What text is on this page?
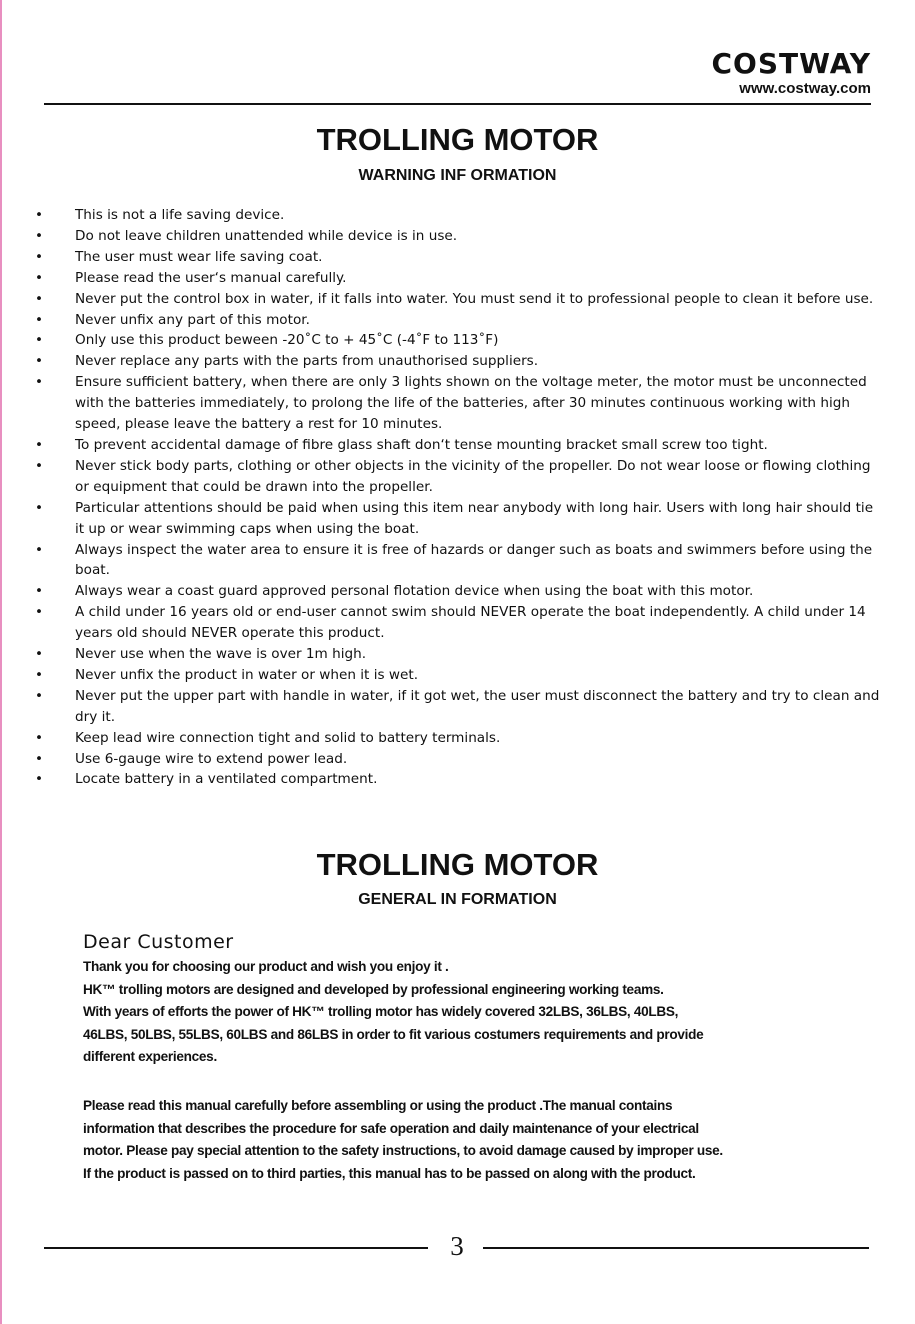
COSTWAY
www.costway.com
TROLLING MOTOR
WARNING INF ORMATION
• This is not a life saving device.
• Do not leave children unattended while device is in use.
• The user must wear life saving coat.
• Please read the user‘s manual carefully.
• Never put the control box in water, if it falls into water. You must send it to professional people to clean it before use.
• Never unfix any part of this motor.
• Only use this product beween -20˚C to + 45˚C (-4˚F to 113˚F)
• Never replace any parts with the parts from unauthorised suppliers.
• Ensure sufficient battery, when there are only 3 lights shown on the voltage meter, the motor must be unconnected with the batteries immediately, to prolong the life of the batteries, after 30 minutes continuous working with high speed, please leave the battery a rest for 10 minutes.
• To prevent accidental damage of fibre glass shaft don‘t tense mounting bracket small screw too tight.
• Never stick body parts, clothing or other objects in the vicinity of the propeller. Do not wear loose or flowing clothing or equipment that could be drawn into the propeller.
• Particular attentions should be paid when using this item near anybody with long hair. Users with long hair should tie it up or wear swimming caps when using the boat.
• Always inspect the water area to ensure it is free of hazards or danger such as boats and swimmers before using the boat.
• Always wear a coast guard approved personal flotation device when using the boat with this motor.
• A child under 16 years old or end-user cannot swim should NEVER operate the boat independently. A child under 14 years old should NEVER operate this product.
• Never use when the wave is over 1m high.
• Never unfix the product in water or when it is wet.
• Never put the upper part with handle in water, if it got wet, the user must disconnect the battery and try to clean and dry it.
• Keep lead wire connection tight and solid to battery terminals.
• Use 6-gauge wire to extend power lead.
• Locate battery in a ventilated compartment.
TROLLING MOTOR
GENERAL IN FORMATION
Dear Customer

Thank you for choosing our product and wish you enjoy it .
HK™ trolling motors are designed and developed by professional engineering working teams.
With years of efforts the power of HK™ trolling motor has widely covered 32LBS, 36LBS, 40LBS,
46LBS, 50LBS, 55LBS, 60LBS and 86LBS in order to fit various costumers requirements and provide
different experiences.

Please read this manual carefully before assembling or using the product .The manual contains
information that describes the procedure for safe operation and daily maintenance of your electrical
motor. Please pay special attention to the safety instructions, to avoid damage caused by improper use.
If the product is passed on to third parties, this manual has to be passed on along with the product.

3
